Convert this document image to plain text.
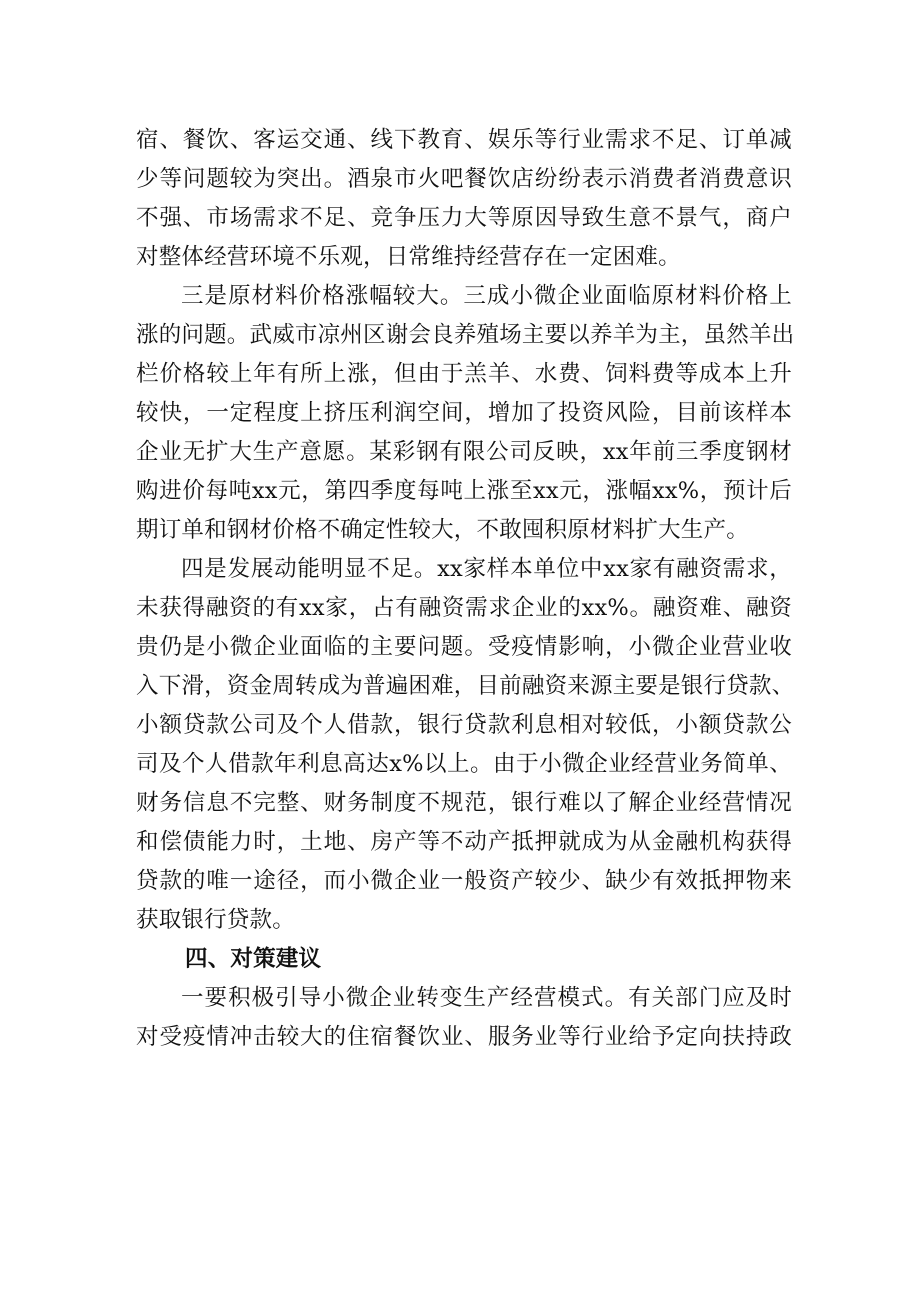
宿、餐饮、客运交通、线下教育、娱乐等行业需求不足、订单减
少等问题较为突出。酒泉市火吧餐饮店纷纷表示消费者消费意识
不强、市场需求不足、竞争压力大等原因导致生意不景气，商户
对整体经营环境不乐观，日常维持经营存在一定困难。
三是原材料价格涨幅较大。三成小微企业面临原材料价格上
涨的问题。武威市凉州区谢会良养殖场主要以养羊为主，虽然羊出
栏价格较上年有所上涨，但由于羔羊、水费、饲料费等成本上升
较快，一定程度上挤压利润空间，增加了投资风险，目前该样本
企业无扩大生产意愿。某彩钢有限公司反映，xx年前三季度钢材
购进价每吨xx元，第四季度每吨上涨至xx元，涨幅xx%，预计后
期订单和钢材价格不确定性较大，不敢囤积原材料扩大生产。
四是发展动能明显不足。xx家样本单位中xx家有融资需求，
未获得融资的有xx家，占有融资需求企业的xx%。融资难、融资
贵仍是小微企业面临的主要问题。受疫情影响，小微企业营业收
入下滑，资金周转成为普遍困难，目前融资来源主要是银行贷款、
小额贷款公司及个人借款，银行贷款利息相对较低，小额贷款公
司及个人借款年利息高达x%以上。由于小微企业经营业务简单、
财务信息不完整、财务制度不规范，银行难以了解企业经营情况
和偿债能力时，土地、房产等不动产抵押就成为从金融机构获得
贷款的唯一途径，而小微企业一般资产较少、缺少有效抵押物来
获取银行贷款。
四、对策建议
一要积极引导小微企业转变生产经营模式。有关部门应及时
对受疫情冲击较大的住宿餐饮业、服务业等行业给予定向扶持政
